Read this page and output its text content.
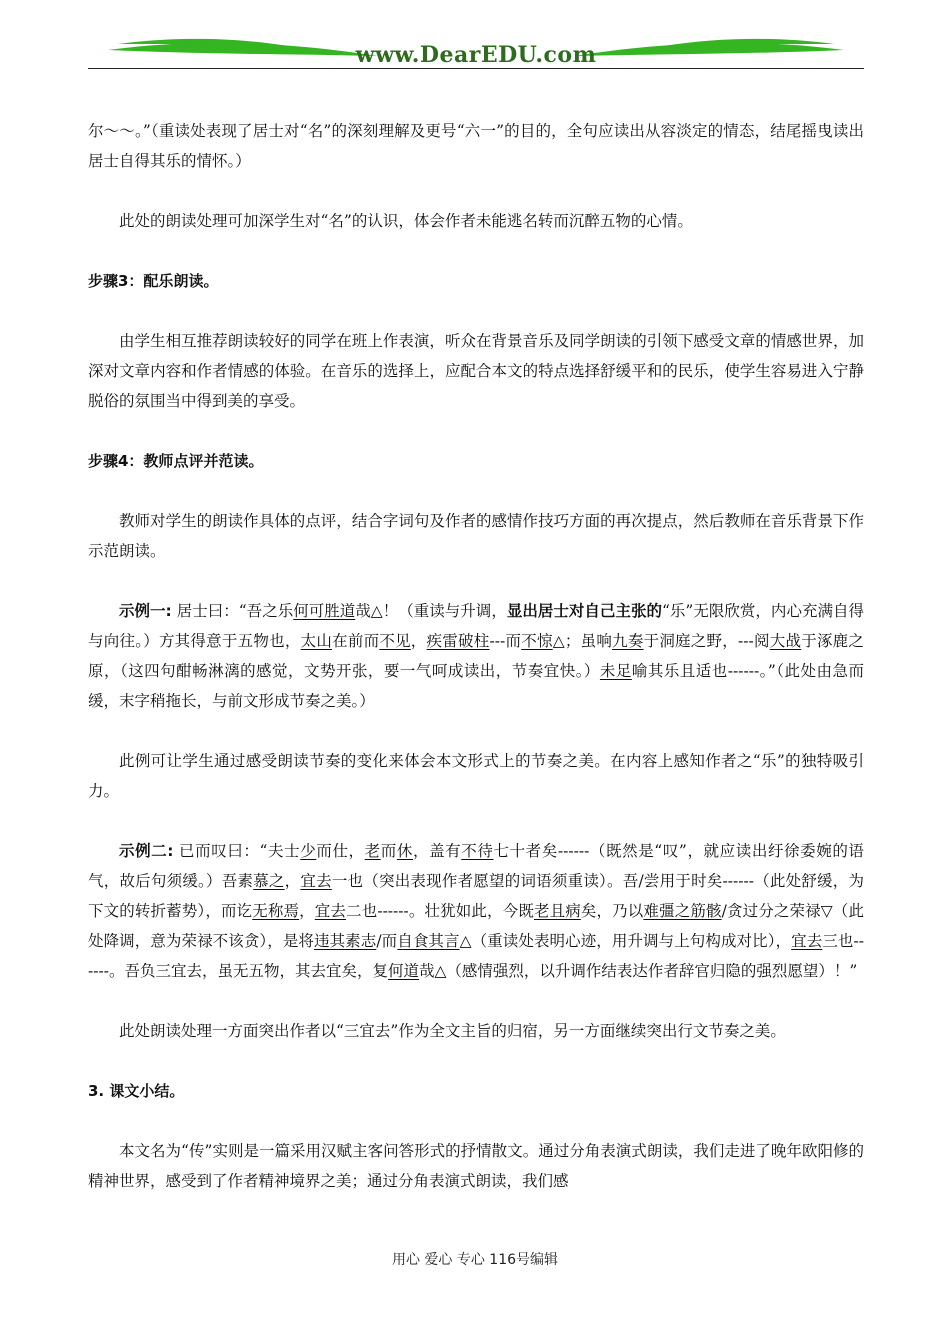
www.DearEDU.com

尔～～。”（重读处表现了居士对“名”的深刻理解及更号“六一”的目的，全句应读出从容淡定的情态，结尾摇曳读出居士自得其乐的情怀。）

此处的朗读处理可加深学生对“名”的认识，体会作者未能逃名转而沉醉五物的心情。

步骤3：配乐朗读。

由学生相互推荐朗读较好的同学在班上作表演，听众在背景音乐及同学朗读的引领下感受文章的情感世界，加深对文章内容和作者情感的体验。在音乐的选择上，应配合本文的特点选择舒缓平和的民乐，使学生容易进入宁静脱俗的氛围当中得到美的享受。

步骤4：教师点评并范读。

教师对学生的朗读作具体的点评，结合字词句及作者的感情作技巧方面的再次提点，然后教师在音乐背景下作示范朗读。

示例一: 居士曰：“吾之乐何可胜道哉△！（重读与升调，显出居士对自己主张的“乐”无限欣赏，内心充满自得与向往。）方其得意于五物也，太山在前而不见，疾雷破柱---而不惊△；虽响九奏于洞庭之野，---阅大战于涿鹿之原，（这四句酣畅淋漓的感觉，文势开张，要一气呵成读出，节奏宜快。）未足喻其乐且适也------。”（此处由急而缓，末字稍拖长，与前文形成节奏之美。）

此例可让学生通过感受朗读节奏的变化来体会本文形式上的节奏之美。在内容上感知作者之“乐”的独特吸引力。

示例二: 已而叹曰：“夫士少而仕，老而休，盖有不待七十者矣------（既然是“叹”，就应读出纡徐委婉的语气，故后句须缓。）吾素慕之，宜去一也（突出表现作者愿望的词语须重读）。吾/尝用于时矣------（此处舒缓，为下文的转折蓄势），而讫无称焉，宜去二也------。壮犹如此，今既老且病矣，乃以难彊之筋骸/贪过分之荣禄▽（此处降调，意为荣禄不该贪），是将违其素志/而自食其言△（重读处表明心迹，用升调与上句构成对比），宜去三也------。吾负三宜去，虽无五物，其去宜矣，复何道哉△（感情强烈，以升调作结表达作者辞官归隐的强烈愿望）！”

此处朗读处理一方面突出作者以“三宜去”作为全文主旨的归宿，另一方面继续突出行文节奏之美。

3. 课文小结。

本文名为“传”实则是一篇采用汉赋主客问答形式的抒情散文。通过分角表演式朗读，我们走进了晚年欧阳修的精神世界，感受到了作者精神境界之美；通过分角表演式朗读，我们感

用心 爱心 专心 116号编辑
